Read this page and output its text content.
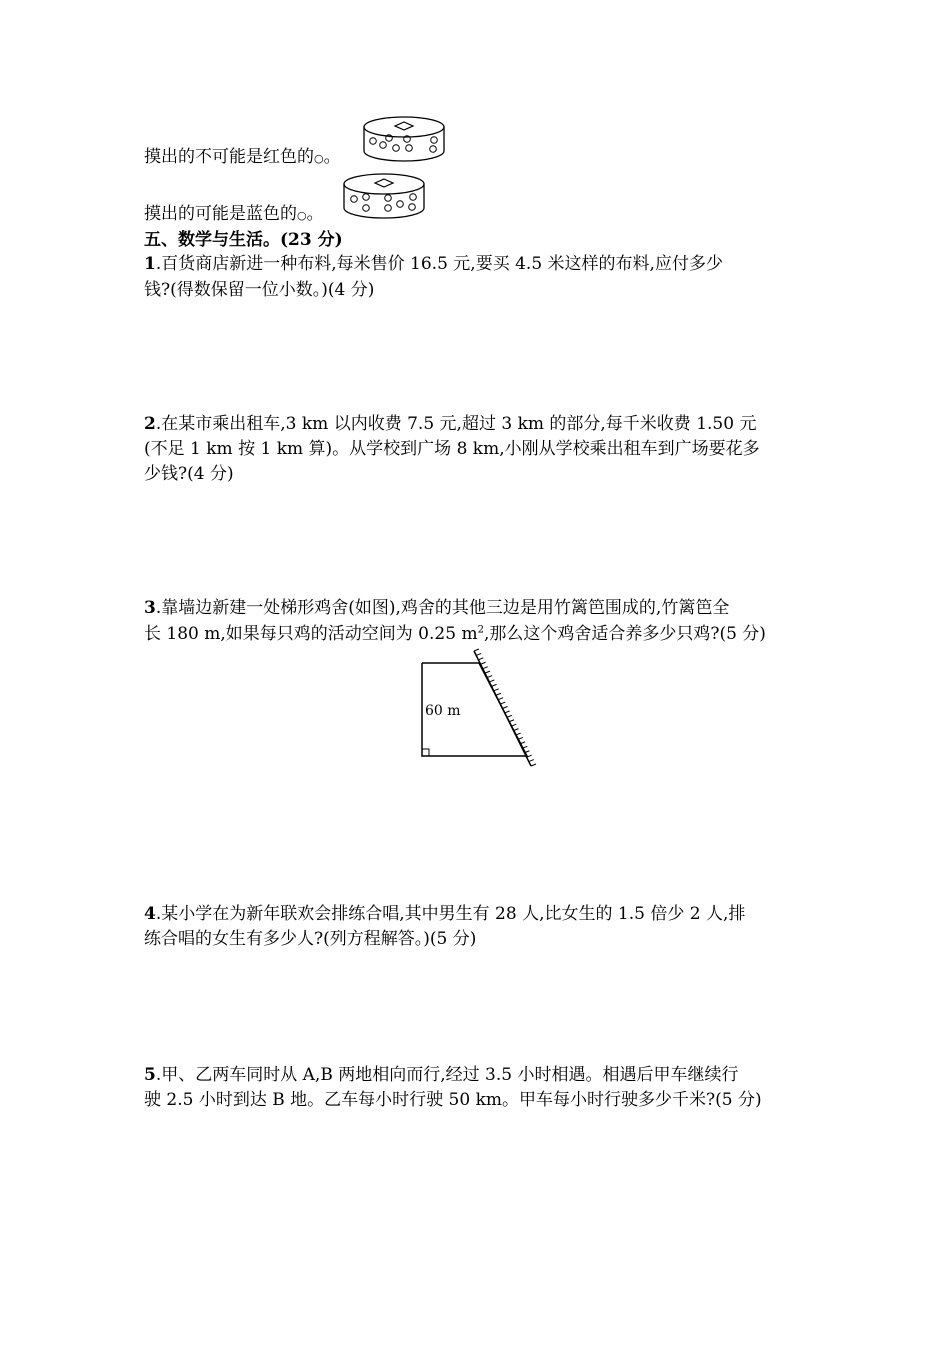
摸出的不可能是红色的○。
摸出的可能是蓝色的○。
五、数学与生活。(23 分)
1.百货商店新进一种布料,每米售价 16.5 元,要买 4.5 米这样的布料,应付多少
钱?(得数保留一位小数。)(4 分)
2.在某市乘出租车,3 km 以内收费 7.5 元,超过 3 km 的部分,每千米收费 1.50 元
(不足 1 km 按 1 km 算)。从学校到广场 8 km,小刚从学校乘出租车到广场要花多
少钱?(4 分)
3.靠墙边新建一处梯形鸡舍(如图),鸡舍的其他三边是用竹篱笆围成的,竹篱笆全
长 180 m,如果每只鸡的活动空间为 0.25 $m^2$,那么这个鸡舍适合养多少只鸡?(5 分)
60 m
4.某小学在为新年联欢会排练合唱,其中男生有 28 人,比女生的 1.5 倍少 2 人,排
练合唱的女生有多少人?(列方程解答。)(5 分)
5.甲、乙两车同时从 A,B 两地相向而行,经过 3.5 小时相遇。相遇后甲车继续行
驶 2.5 小时到达 B 地。乙车每小时行驶 50 km。甲车每小时行驶多少千米?(5 分)
